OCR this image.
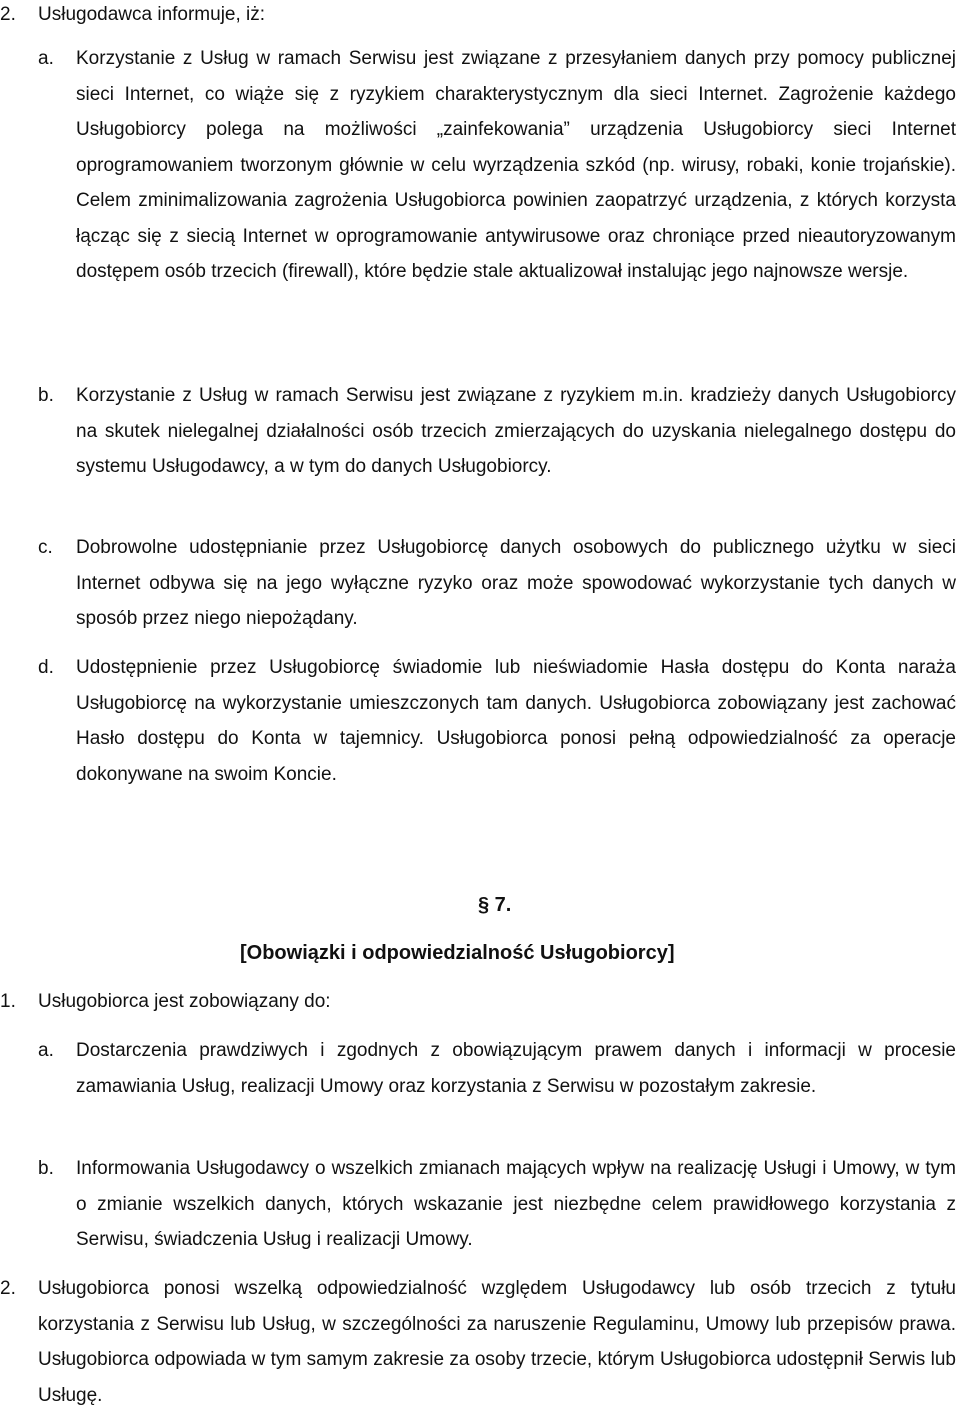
2. Usługodawca informuje, iż:
a. Korzystanie z Usług w ramach Serwisu jest związane z przesyłaniem danych przy pomocy publicznej sieci Internet, co wiąże się z ryzykiem charakterystycznym dla sieci Internet. Zagrożenie każdego Usługobiorcy polega na możliwości „zainfekowania” urządzenia Usługobiorcy sieci Internet oprogramowaniem tworzonym głównie w celu wyrządzenia szkód (np. wirusy, robaki, konie trojańskie). Celem zminimalizowania zagrożenia Usługobiorca powinien zaopatrzyć urządzenia, z których korzysta łącząc się z siecią Internet w oprogramowanie antywirusowe oraz chroniące przed nieautoryzowanym dostępem osób trzecich (firewall), które będzie stale aktualizował instalując jego najnowsze wersje.

b. Korzystanie z Usług w ramach Serwisu jest związane z ryzykiem m.in. kradzieży danych Usługobiorcy na skutek nielegalnej działalności osób trzecich zmierzających do uzyskania nielegalnego dostępu do systemu Usługodawcy, a w tym do danych Usługobiorcy.

c. Dobrowolne udostępnianie przez Usługobiorcę danych osobowych do publicznego użytku w sieci Internet odbywa się na jego wyłączne ryzyko oraz może spowodować wykorzystanie tych danych w sposób przez niego niepożądany.

d. Udostępnienie przez Usługobiorcę świadomie lub nieświadomie Hasła dostępu do Konta naraża Usługobiorcę na wykorzystanie umieszczonych tam danych. Usługobiorca zobowiązany jest zachować Hasło dostępu do Konta w tajemnicy. Usługobiorca ponosi pełną odpowiedzialność za operacje dokonywane na swoim Koncie.

§ 7.
[Obowiązki i odpowiedzialność Usługobiorcy]
1. Usługobiorca jest zobowiązany do:
a. Dostarczenia prawdziwych i zgodnych z obowiązującym prawem danych i informacji w procesie zamawiania Usług, realizacji Umowy oraz korzystania z Serwisu w pozostałym zakresie.

b. Informowania Usługodawcy o wszelkich zmianach mających wpływ na realizację Usługi i Umowy, w tym o zmianie wszelkich danych, których wskazanie jest niezbędne celem prawidłowego korzystania z Serwisu, świadczenia Usług i realizacji Umowy.

2. Usługobiorca ponosi wszelką odpowiedzialność względem Usługodawcy lub osób trzecich z tytułu korzystania z Serwisu lub Usług, w szczególności za naruszenie Regulaminu, Umowy lub przepisów prawa. Usługobiorca odpowiada w tym samym zakresie za osoby trzecie, którym Usługobiorca udostępnił Serwis lub Usługę.
